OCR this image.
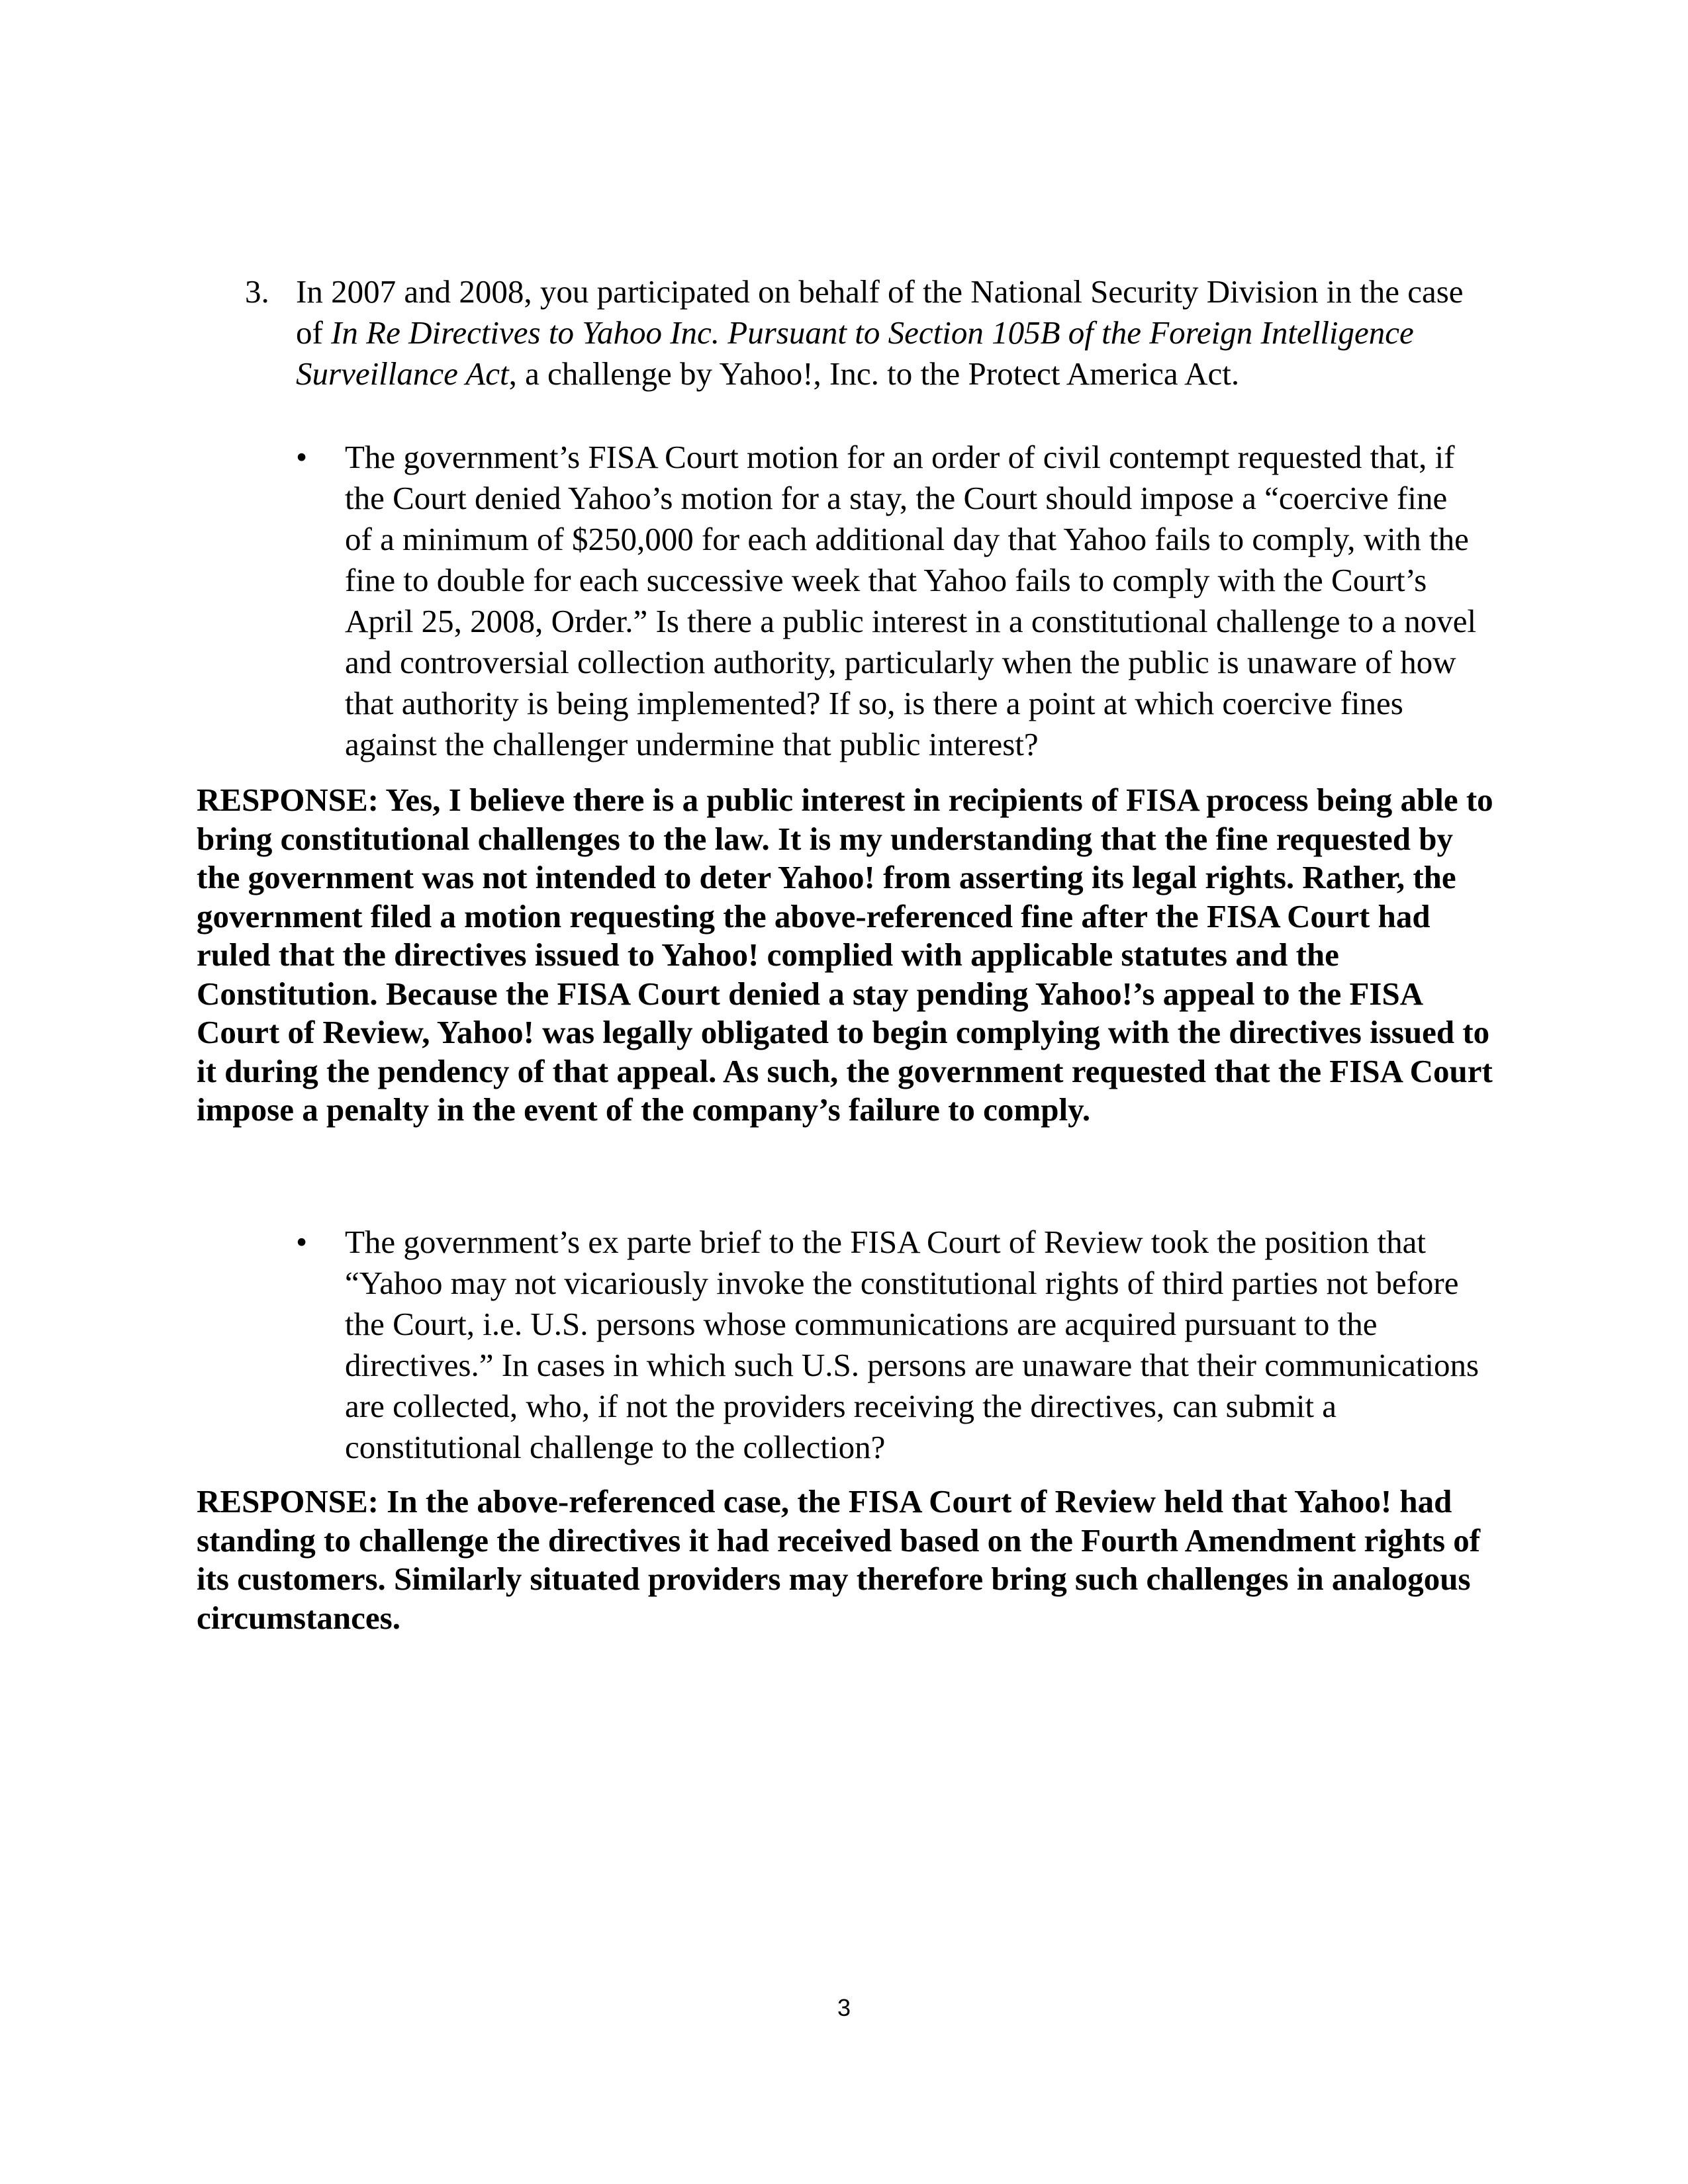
3. In 2007 and 2008, you participated on behalf of the National Security Division in the case of In Re Directives to Yahoo Inc. Pursuant to Section 105B of the Foreign Intelligence Surveillance Act, a challenge by Yahoo!, Inc. to the Protect America Act.
• The government’s FISA Court motion for an order of civil contempt requested that, if the Court denied Yahoo’s motion for a stay, the Court should impose a “coercive fine of a minimum of $250,000 for each additional day that Yahoo fails to comply, with the fine to double for each successive week that Yahoo fails to comply with the Court’s April 25, 2008, Order.” Is there a public interest in a constitutional challenge to a novel and controversial collection authority, particularly when the public is unaware of how that authority is being implemented? If so, is there a point at which coercive fines against the challenger undermine that public interest?
RESPONSE: Yes, I believe there is a public interest in recipients of FISA process being able to bring constitutional challenges to the law. It is my understanding that the fine requested by the government was not intended to deter Yahoo! from asserting its legal rights. Rather, the government filed a motion requesting the above-referenced fine after the FISA Court had ruled that the directives issued to Yahoo! complied with applicable statutes and the Constitution. Because the FISA Court denied a stay pending Yahoo!’s appeal to the FISA Court of Review, Yahoo! was legally obligated to begin complying with the directives issued to it during the pendency of that appeal. As such, the government requested that the FISA Court impose a penalty in the event of the company’s failure to comply.
• The government’s ex parte brief to the FISA Court of Review took the position that “Yahoo may not vicariously invoke the constitutional rights of third parties not before the Court, i.e. U.S. persons whose communications are acquired pursuant to the directives.” In cases in which such U.S. persons are unaware that their communications are collected, who, if not the providers receiving the directives, can submit a constitutional challenge to the collection?
RESPONSE: In the above-referenced case, the FISA Court of Review held that Yahoo! had standing to challenge the directives it had received based on the Fourth Amendment rights of its customers. Similarly situated providers may therefore bring such challenges in analogous circumstances.
3
